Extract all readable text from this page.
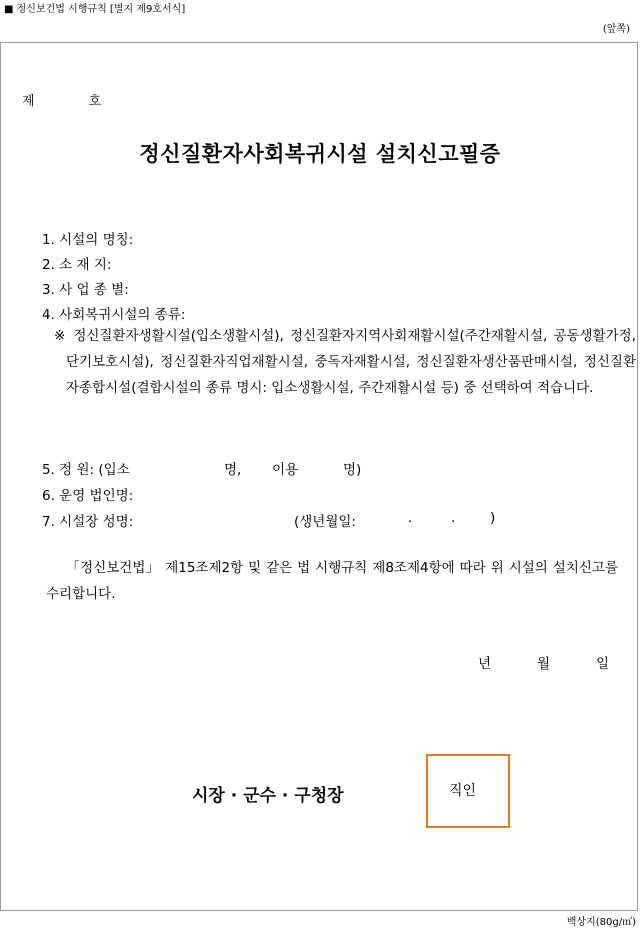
■ 정신보건법 시행규칙 [별지 제9호서식]
(앞쪽)
제 호
정신질환자사회복귀시설 설치신고필증
1. 시설의 명칭:
2. 소 재 지:
3. 사 업 종 별:
4. 사회복귀시설의 종류:
※ 정신질환자생활시설(입소생활시설), 정신질환자지역사회재활시설(주간재활시설, 공동생활가정, 단기보호시설), 정신질환자직업재활시설, 중독자재활시설, 정신질환자생산품판매시설, 정신질환자종합시설(결합시설의 종류 명시: 입소생활시설, 주간재활시설 등) 중 선택하여 적습니다.
5. 정 원: (입소	명, 이용	명)
6. 운영 법인명:
7. 시설장 성명:	(생년월일:	.	.	)
「정신보건법」 제15조제2항 및 같은 법 시행규칙 제8조제4항에 따라 위 시설의 설치신고를 수리합니다.
년	월	일
시장 · 군수 · 구청장	직인
백상지(80g/㎡)
